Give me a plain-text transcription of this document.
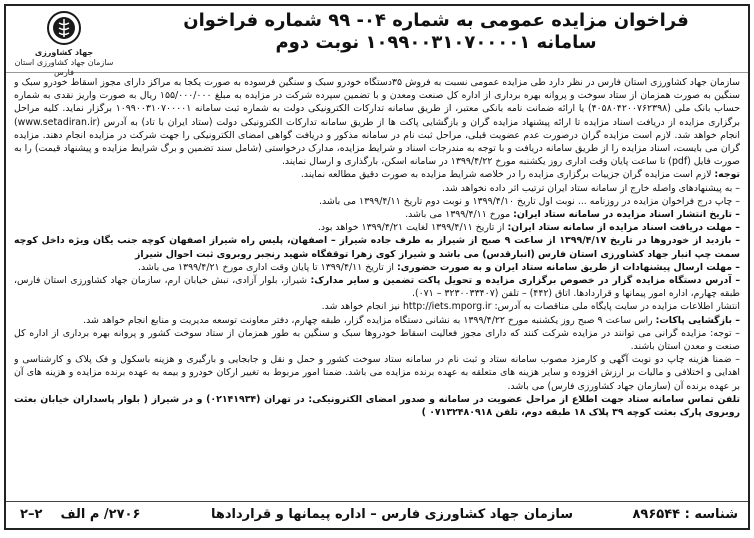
فراخوان مزایده عمومی به شماره ۰۴- ۹۹ شماره فراخوان
سامانه ۱۰۹۹۰۰۳۱۰۷۰۰۰۰۱ نوبت دوم
جهاد کشاورزی
سازمان جهاد کشاورزی استان فارس

سازمان جهاد کشاورزی استان فارس در نظر دارد طی مزایده عمومی نسبت به فروش ۳۵دستگاه خودرو سبک و سنگین فرسوده به صورت یکجا به مراکز دارای مجوز اسقاط خودرو سبک و سنگین به صورت همزمان از ستاد سوخت و پروانه بهره برداری از اداره کل صنعت ومعدن و با تضمین سپرده شرکت در مزایده به مبلغ ۱۵۵/۰۰۰/۰۰۰ ریال به صورت واریز نقدی به شماره حساب بانک ملی (۴۰۵۸۰۴۲۰۰۷۶۲۳۹۸) یا ارائه ضمانت نامه بانکی معتبر، از طریق سامانه تدارکات الکترونیکی دولت به شماره ثبت سامانه ۱۰۹۹۰۰۳۱۰۷۰۰۰۰۱ برگزار نماید. کلیه مراحل برگزاری مزایده از دریافت اسناد مزایده تا ارائه پیشنهاد مزایده گران و بازگشایی پاکت ها از طریق سامانه تدارکات الکترونیکی دولت (ستاد ایران با تاد) به آدرس (www.setadiran.ir) انجام خواهد شد. لازم است مزایده گران درصورت عدم عضویت قبلی، مراحل ثبت نام در سامانه مذکور و دریافت گواهی امضای الکترونیکی را جهت شرکت در مزایده انجام دهند. مزایده گران می بایست، اسناد مزایده را از طریق سامانه دریافت و با توجه به مندرجات اسناد و شرایط مزایده، مدارک درخواستی (شامل سند تضمین و برگ شرایط مزایده و پیشنهاد قیمت) را به صورت فایل (pdf) تا ساعت پایان وقت اداری روز یکشنبه مورخ ۱۳۹۹/۴/۲۲ در سامانه اسکن، بارگذاری و ارسال نمایند.

توجه: لازم است مزایده گران جزییات برگزاری مزایده را در خلاصه شرایط مزایده به صورت دقیق مطالعه نمایند.

– به پیشنهادهای واصله خارج از سامانه ستاد ایران ترتیب اثر داده نخواهد شد.

– چاپ درج فراخوان مزایده در روزنامه ... نوبت اول تاریخ ۱۳۹۹/۴/۱۰ و نوبت دوم تاریخ ۱۳۹۹/۴/۱۱ می باشد.

– تاریخ انتشار اسناد مزایده در سامانه ستاد ایران: مورخ ۱۳۹۹/۴/۱۱ می باشد.

– مهلت دریافت اسناد مزایده از سامانه ستاد ایران: از تاریخ ۱۳۹۹/۴/۱۱ لغایت ۱۳۹۹/۴/۲۱ خواهد بود.

– بازدید از خودروها در تاریخ ۱۳۹۹/۴/۱۷ از ساعت ۹ صبح از شیراز به طرف جاده شیراز – اصفهان، پلیس راه شیراز اصفهان کوچه جنب یگان ویژه داخل کوچه سمت چپ انبار جهاد کشاورزی استان فارس (انبارقدس) می باشد و شیراز کوی زهرا توقفگاه شهید رنجبر روبروی ثبت احوال شیراز

– مهلت ارسال پیشنهادات از طریق سامانه ستاد ایران و به صورت حضوری: از تاریخ ۱۳۹۹/۴/۱۱ تا پایان وقت اداری مورخ ۱۳۹۹/۴/۲۱ می باشد.

– آدرس دستگاه مزایده گزار در خصوص برگزاری مزایده و تحویل پاکت تضمین و سایر مدارک: شیراز، بلوار آزادی، نبش خیابان ارم، سازمان جهاد کشاورزی استان فارس، طبقه چهارم، اداره امور پیمانها و قراردادها. اتاق (۴۴۲) – تلفن (۳۲۳۰۰۳۳۴۰۷ – ۰۷۱).

انتشار اطلاعات مزایده در سایت پایگاه ملی مناقصات به آدرس: http://iets.mporg.ir نیز انجام خواهد شد.

– بازگشایی پاکات: راس ساعت ۹ صبح روز یکشنبه مورخ ۱۳۹۹/۴/۲۲ به نشانی دستگاه مزایده گزار، طبقه چهارم، دفتر معاونت توسعه مدیریت و منابع انجام خواهد شد.

– توجه: مزایده گرانی می توانند در مزایده شرکت کنند که دارای مجوز فعالیت اسقاط خودروها سبک و سنگین به طور همزمان از ستاد سوخت کشور و پروانه بهره برداری از اداره کل صنعت و معدن استان باشند.

– ضمنا هزینه چاپ دو نوبت آگهی و کارمزد مصوب سامانه ستاد و ثبت نام در سامانه ستاد سوخت کشور و حمل و نقل و جابجایی و بارگیری و هزینه باسکول و فک پلاک و کارشناسی و اهدایی و اختلافی و مالیات بر ارزش افزوده و سایر هزینه های متعلقه به عهده برنده مزایده می باشد. ضمنا امور مربوط به تغییر ارکان خودرو و بیمه به عهده برنده مزایده و هزینه های آن بر عهده برنده آن (سازمان جهاد کشاورزی فارس) می باشد.

تلفن تماس سامانه ستاد جهت اطلاع از مراحل عضویت در سامانه و صدور امضای الکترونیکی: در تهران (۰۲۱۴۱۹۳۴) و در شیراز ( بلوار پاسداران خیابان بعثت روبروی پارک بعثت کوچه ۳۹ پلاک ۱۸ طبقه دوم، تلفن ۰۷۱۳۲۴۸۰۹۱۸ )

شناسه : ۸۹۶۵۴۴
سازمان جهاد کشاورزی فارس – اداره پیمانها و قراردادها
۲۷۰۶/ م الف    ۲–۲
